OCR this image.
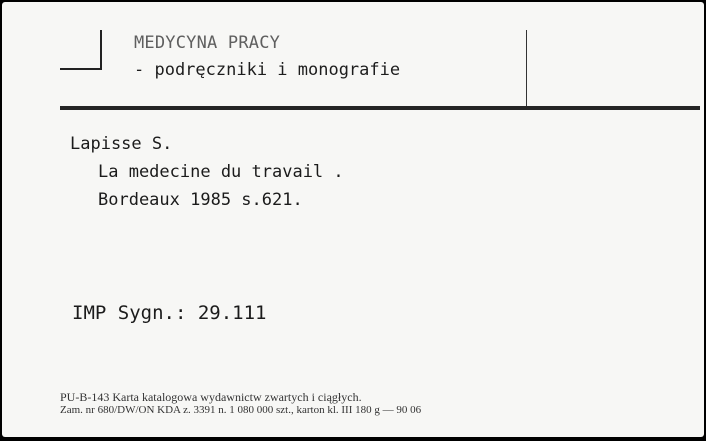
MEDYCYNA PRACY
- podręczniki i monografie
Lapisse S.
La medecine du travail .
Bordeaux 1985 s.621.
IMP Sygn.: 29.111
PU-B-143 Karta katalogowa wydawnictw zwartych i ciągłych.
Zam. nr 680/DW/ON KDA z. 3391 n. 1 080 000 szt., karton kl. III 180 g — 90 06
